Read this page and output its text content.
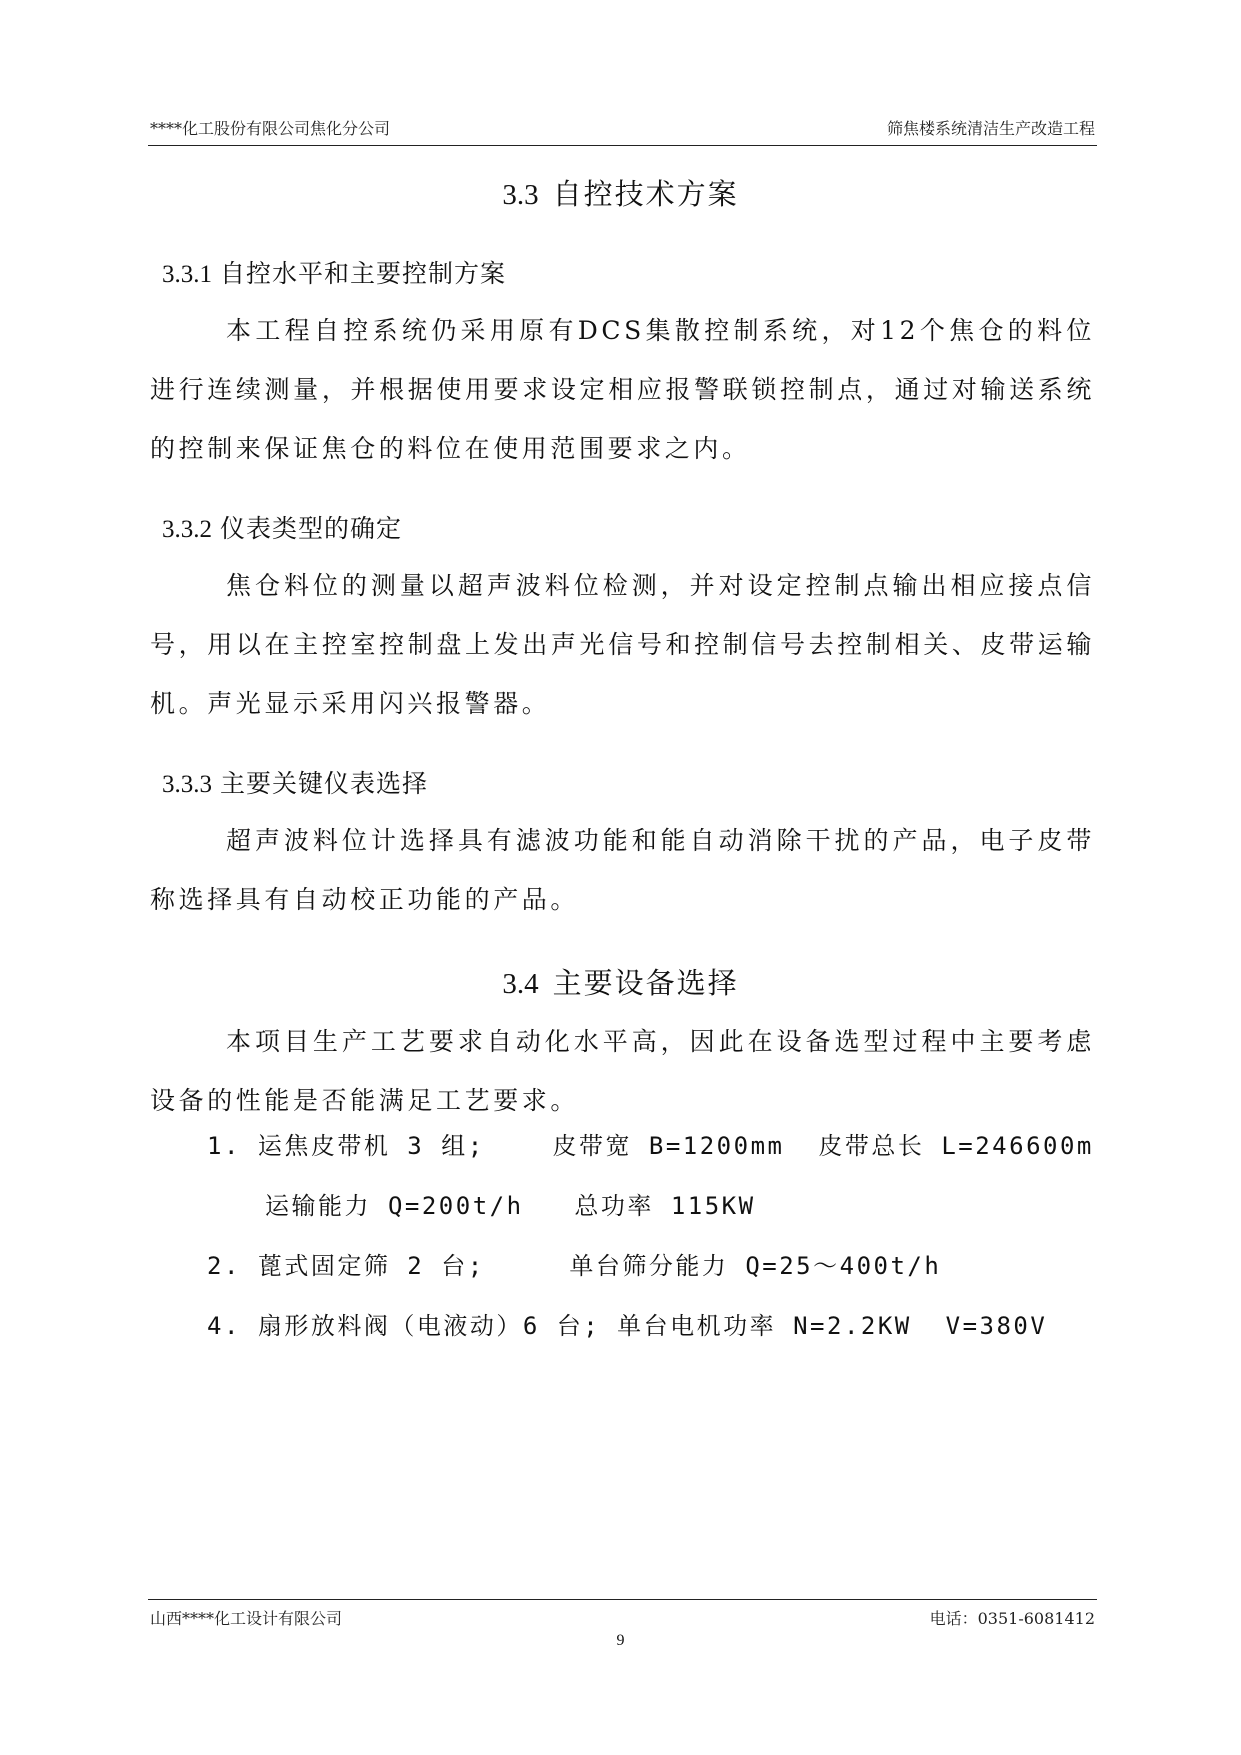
****化工股份有限公司焦化分公司	筛焦楼系统清洁生产改造工程
3.3 自控技术方案
3.3.1 自控水平和主要控制方案
本工程自控系统仍采用原有DCS集散控制系统，对12个焦仓的料位进行连续测量，并根据使用要求设定相应报警联锁控制点，通过对输送系统的控制来保证焦仓的料位在使用范围要求之内。
3.3.2 仪表类型的确定
焦仓料位的测量以超声波料位检测，并对设定控制点输出相应接点信号，用以在主控室控制盘上发出声光信号和控制信号去控制相关、皮带运输机。声光显示采用闪兴报警器。
3.3.3 主要关键仪表选择
超声波料位计选择具有滤波功能和能自动消除干扰的产品，电子皮带称选择具有自动校正功能的产品。
3.4 主要设备选择
本项目生产工艺要求自动化水平高，因此在设备选型过程中主要考虑设备的性能是否能满足工艺要求。
1. 运焦皮带机 3 组;    皮带宽 B=1200mm  皮带总长 L=246600m
运输能力 Q=200t/h   总功率 115KW
2. 蓖式固定筛 2 台;     单台筛分能力 Q=25～400t/h
4. 扇形放料阀（电液动）6 台; 单台电机功率 N=2.2KW  V=380V
山西****化工设计有限公司	电话：0351-6081412
9
